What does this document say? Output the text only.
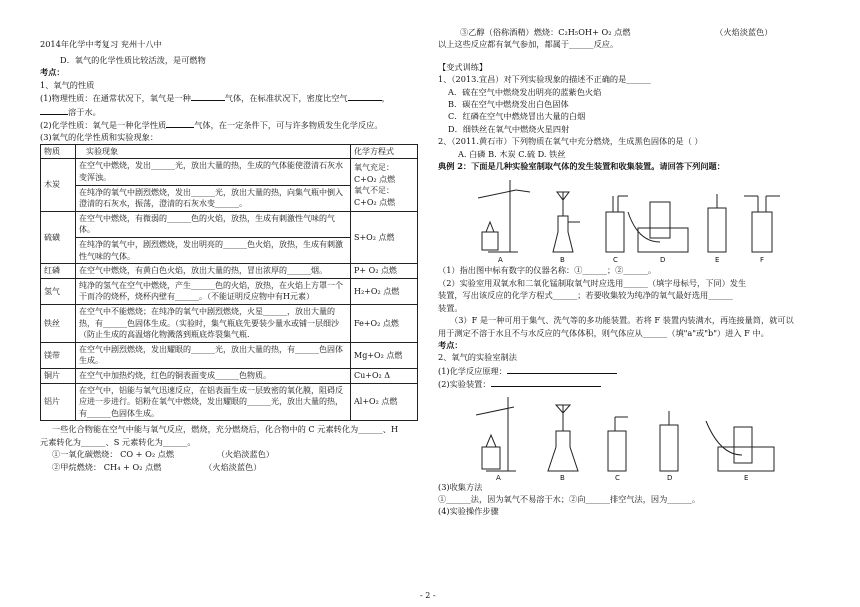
2014年化学中考复习 兖州十八中
D．氧气的化学性质比较活泼，是可燃物
考点：
1、氧气的性质
(1)物理性质：在通常状况下，氧气是一种	气体，在标准状况下，密度比空气	，
溶于水。
(2)化学性质：氧气是一种化学性质	气体，在一定条件下，可与许多物质发生化学反应。
(3)氧气的化学性质和实验现象：
物质	实验现象	化学方程式
木炭	在空气中燃烧，发出______光，放出大量的热，生成的气体能使澄清石灰水变浑浊。	氧气充足：
C+O₂ 点燃
氧气不足：
C+O₂ 点燃

	在纯净的氧气中剧烈燃烧，发出______光，放出大量的热，向集气瓶中倒入澄清的石灰水，振荡，澄清的石灰水变______。	
硫磺	在空气中燃烧，有微弱的______色的火焰，放热，生成有刺激性气味的气体。	S+O₂ 点燃

	在纯净的氧气中，剧烈燃烧，发出明亮的______色火焰，放热，生成有刺激性气味的气体。	
红磷	在空气中燃烧，有黄白色火焰，放出大量的热，冒出浓厚的______烟。	P+ O₂ 点燃

氢气	纯净的氢气在空气中燃烧，产生______色的火焰，放热，在火焰上方罩一个干而冷的烧杯，烧杯内壁有______。（不能证明反应物中有H元素）	H₂+O₂ 点燃

铁丝	在空气中不能燃烧；在纯净的氧气中剧烈燃烧，火星______，放出大量的热，有______色固体生成。（实验时，集气瓶底先要装少量水或铺一层细沙（防止生成的高温熔化物溅落到瓶底炸裂集气瓶.	Fe+O₂ 点燃

镁带	在空气中剧烈燃烧，发出耀眼的______光，放出大量的热，有______色固体生成。	Mg+O₂ 点燃

铜片	在空气中加热灼烧，红色的铜表面变成______色物质。	Cu+O₂ Δ

铝片	在空气中，铝能与氧气迅速反应，在铝表面生成一层致密的氧化膜，阻碍反应进一步进行。铝粉在氧气中燃烧，发出耀眼的______光，放出大量的热，有______色固体生成。	Al+O₂ 点燃
一些化合物能在空气中能与氧气反应，燃烧，充分燃烧后，化合物中的 C 元素转化为______、H
元素转化为______、S 元素转化为______。
①一氧化碳燃烧： CO + O₂ 点燃	（火焰淡蓝色）
②甲烷燃烧： CH₄ + O₂ 点燃	（火焰淡蓝色）
③乙醇（俗称酒精）燃烧：C₂H₅OH+ O₂ 点燃	（火焰淡蓝色）
以上这些反应都有氧气参加，都属于______反应。
【变式训练】
1、（2013.宜昌）对下列实验现象的描述不正确的是______
A．硫在空气中燃烧发出明亮的蓝紫色火焰
B．碳在空气中燃烧发出白色固体
C．红磷在空气中燃烧冒出大量的白烟
D．细铁丝在氧气中燃烧火星四射
2、（2011.黄石市）下列物质在氧气中充分燃烧，生成黑色固体的是（ ）
A. 白磷 B. 木炭 C.硫 D. 铁丝
典例 2：下面是几种实验室制取气体的发生装置和收集装置。请回答下列问题：
A	B	C	D	E	F
（1）指出图中标有数字的仪器名称：①______；②______。
（2）实验室用双氧水和二氧化锰制取氧气时应选用______（填字母标号，下同）发生
装置，写出该反应的化学方程式______；若要收集较为纯净的氧气最好选用______
装置。
（3）F 是一种可用于集气、洗气等的多功能装置。若将 F 装置内装满水，再连接量筒，就可以
用于测定不溶于水且不与水反应的气体体积，则气体应从______（填"a"或"b"）进入 F 中。
考点：
2、氧气的实验室制法
(1)化学反应原理：
(2)实验装置：
A	B	C	D	E
(3)收集方法
①______法，因为氧气不易溶于水；②向______排空气法，因为______。
(4)实验操作步骤
- 2 -
